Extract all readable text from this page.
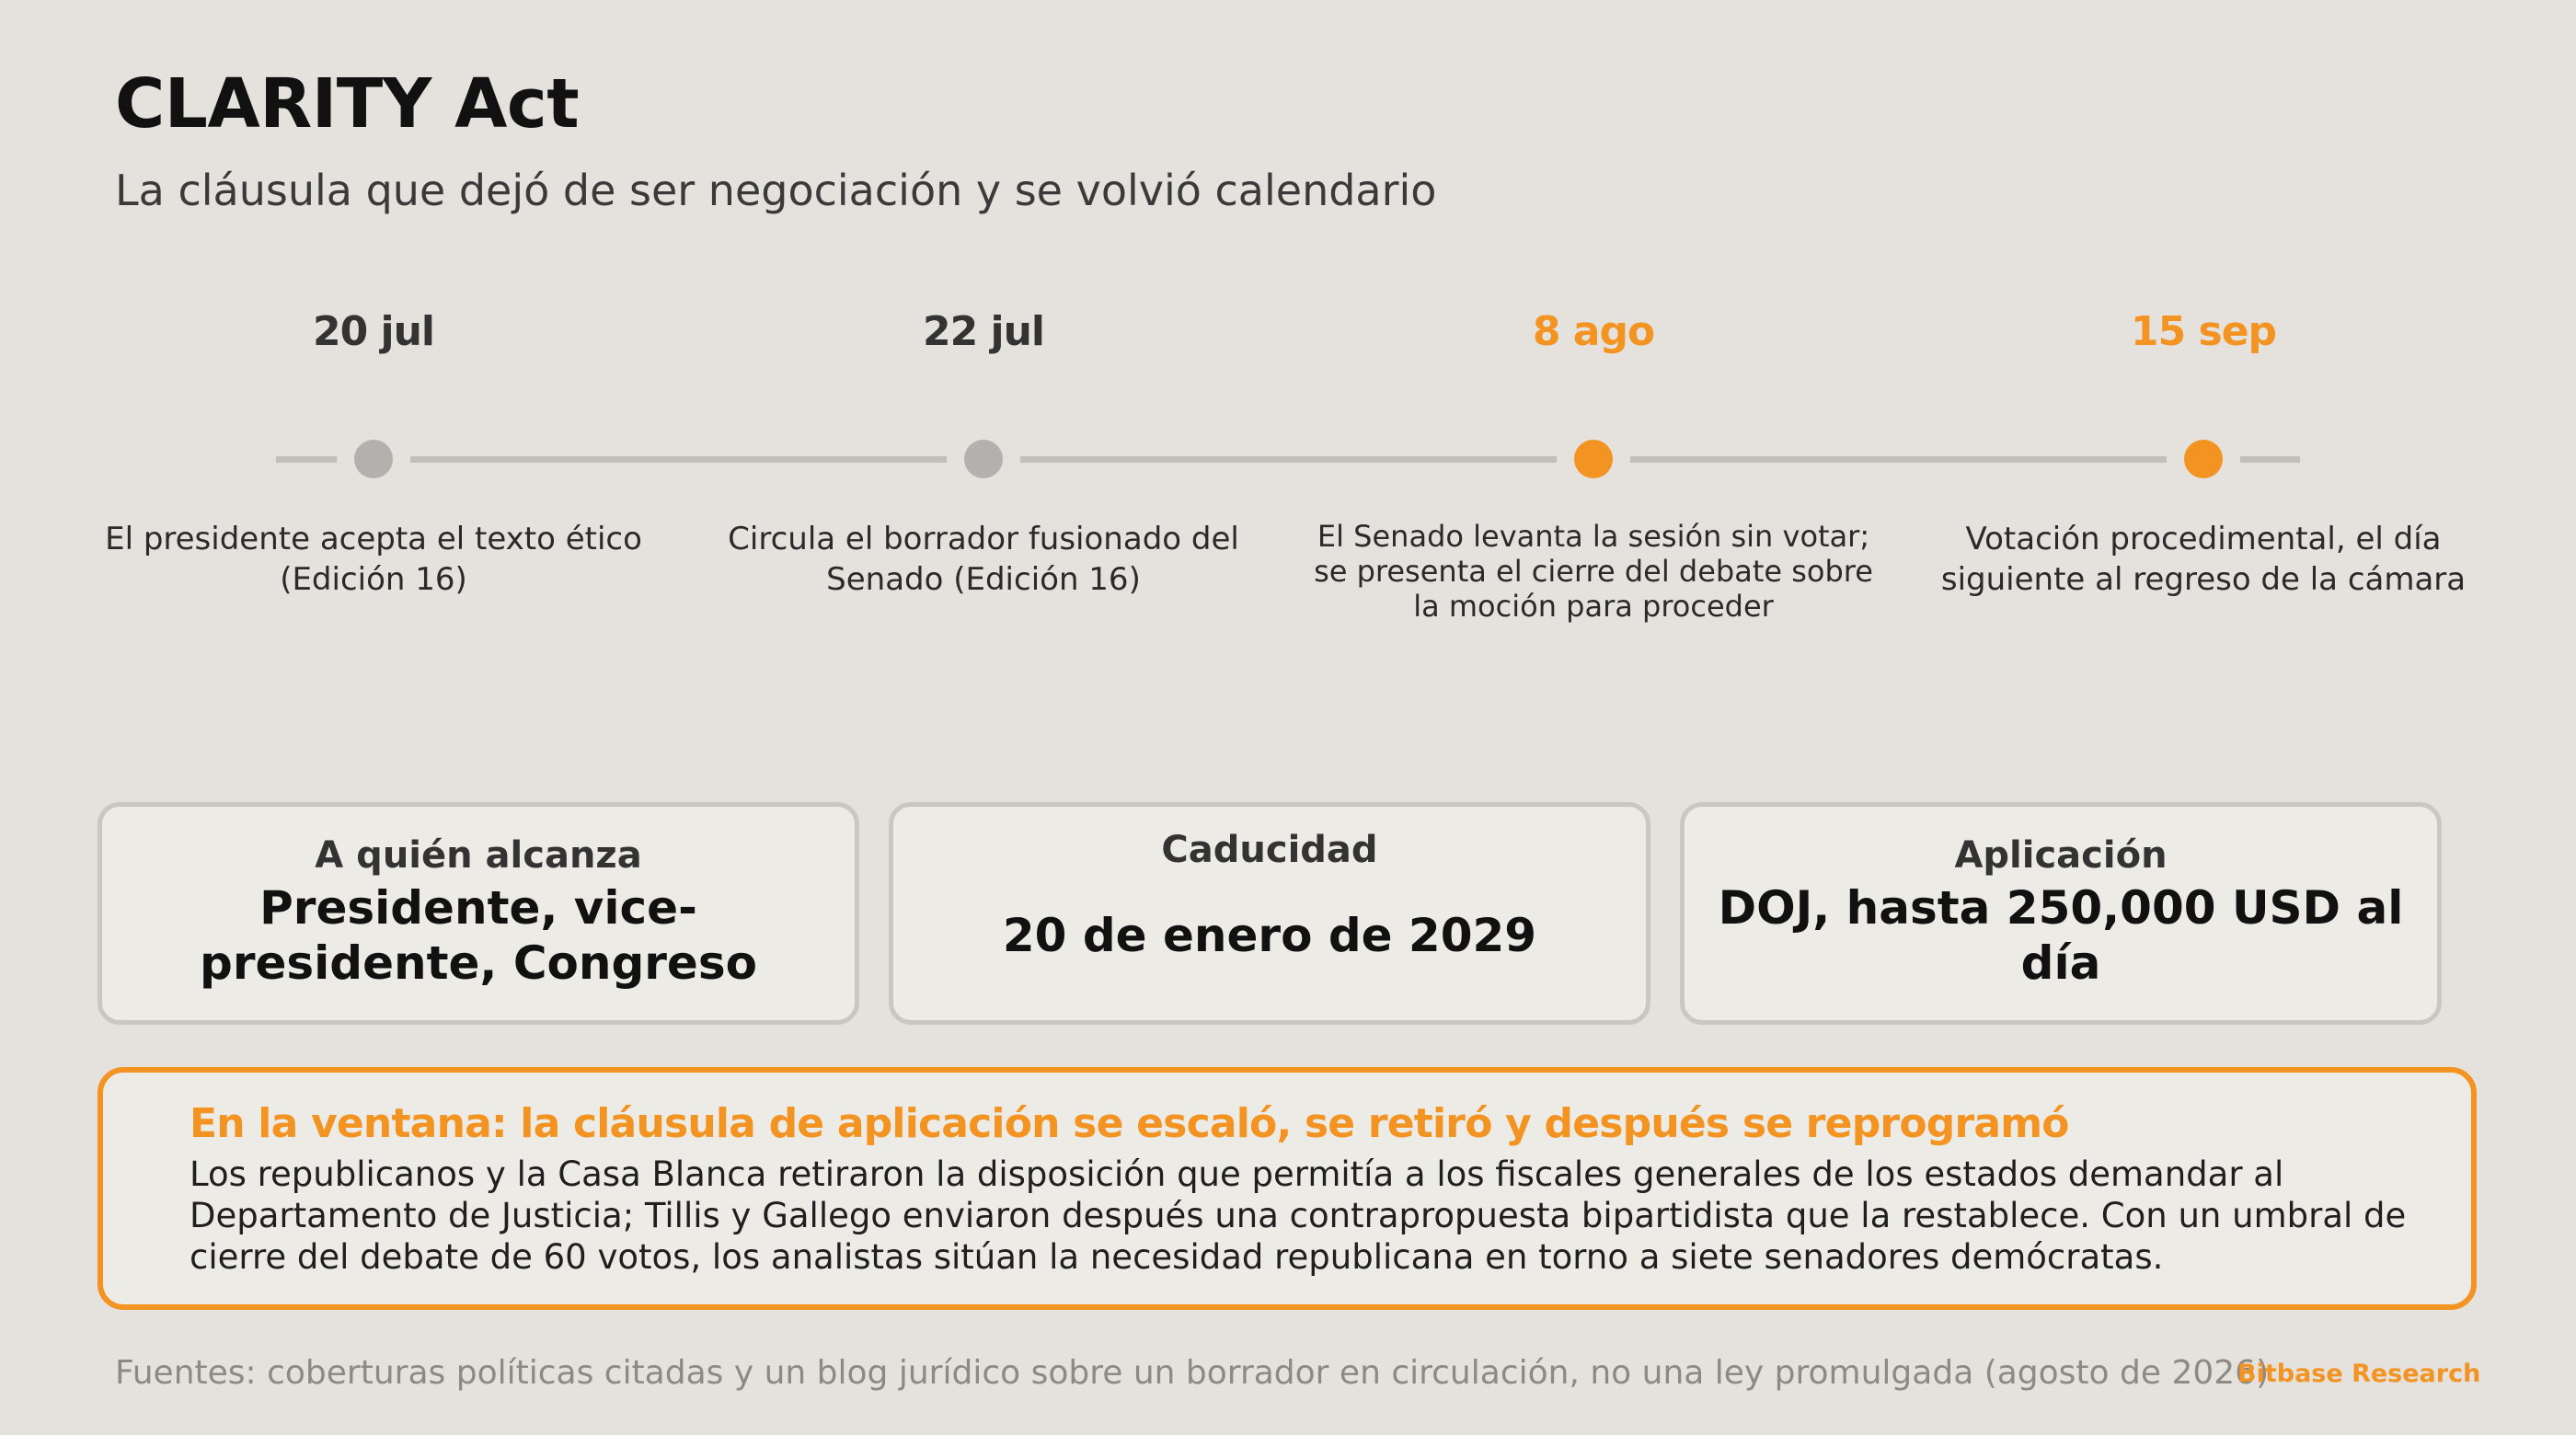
CLARITY Act

La cláusula que dejó de ser negociación y se volvió calendario

20 jul
El presidente acepta el texto ético (Edición 16)
22 jul
Circula el borrador fusionado del Senado (Edición 16)
8 ago
El Senado levanta la sesión sin votar; se presenta el cierre del debate sobre la moción para proceder
15 sep
Votación procedimental, el día siguiente al regreso de la cámara
A quién alcanza
Presidente, vice-presidente, Congreso
Caducidad
20 de enero de 2029
Aplicación
DOJ, hasta 250,000 USD al día
En la ventana: la cláusula de aplicación se escaló, se retiró y después se reprogramó
Los republicanos y la Casa Blanca retiraron la disposición que permitía a los fiscales generales de los estados demandar al Departamento de Justicia; Tillis y Gallego enviaron después una contrapropuesta bipartidista que la restablece. Con un umbral de cierre del debate de 60 votos, los analistas sitúan la necesidad republicana en torno a siete senadores demócratas.
Fuentes: coberturas políticas citadas y un blog jurídico sobre un borrador en circulación, no una ley promulgada (agosto de 2026)
Bitbase Research
